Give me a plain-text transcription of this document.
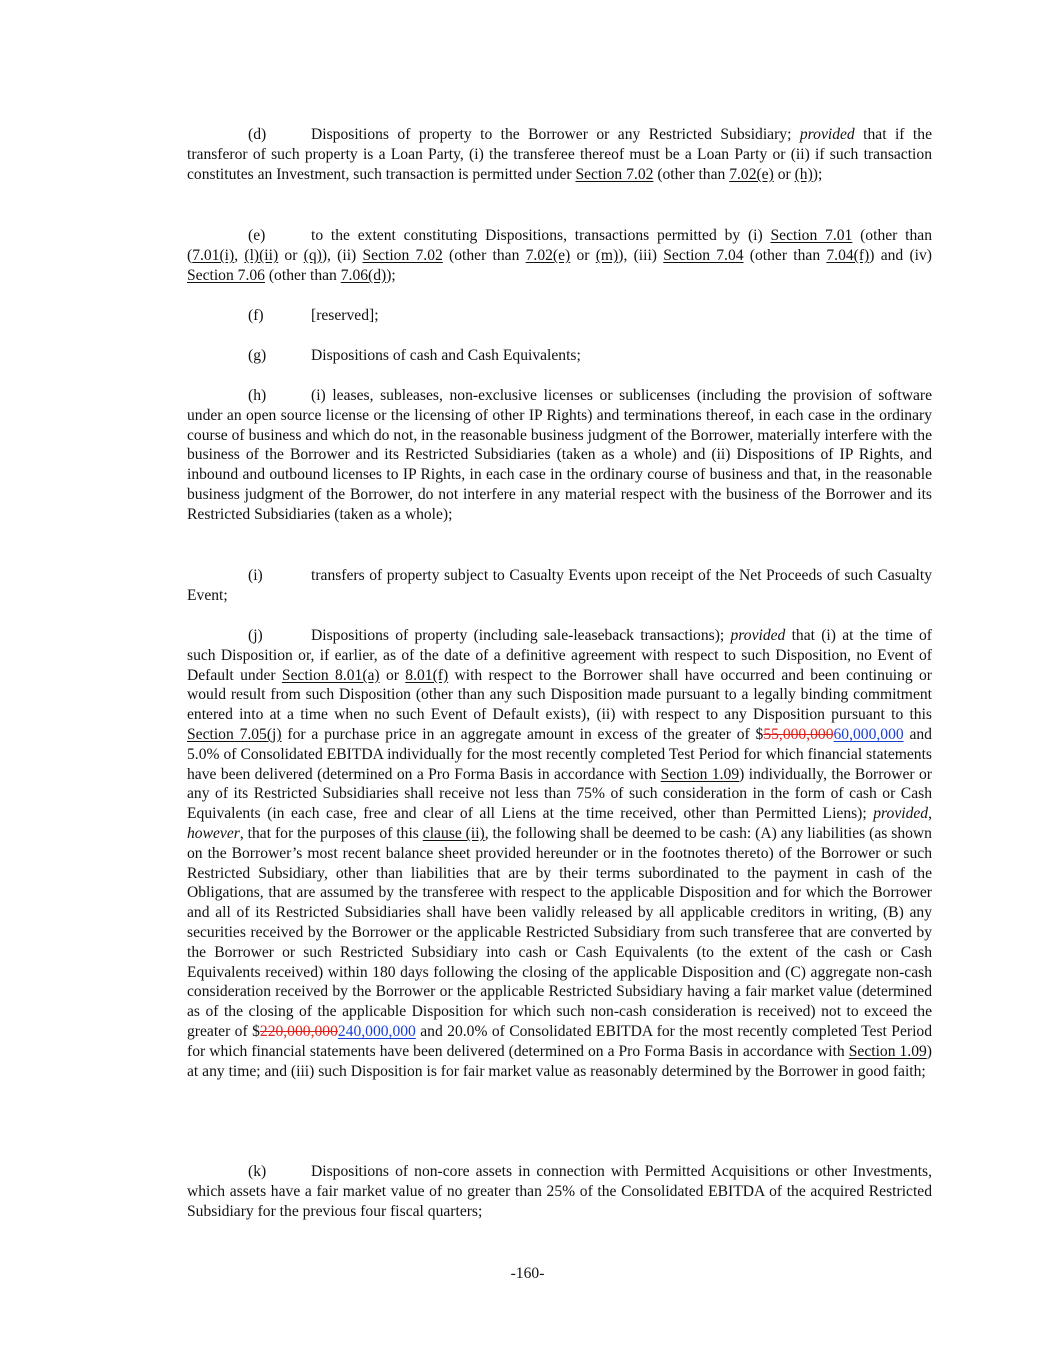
(d)	Dispositions of property to the Borrower or any Restricted Subsidiary; provided that if the transferor of such property is a Loan Party, (i) the transferee thereof must be a Loan Party or (ii) if such transaction constitutes an Investment, such transaction is permitted under Section 7.02 (other than 7.02(e) or (h));

(e)	to the extent constituting Dispositions, transactions permitted by (i) Section 7.01 (other than (7.01(i), (l)(ii) or (q)), (ii) Section 7.02 (other than 7.02(e) or (m)), (iii) Section 7.04 (other than 7.04(f)) and (iv) Section 7.06 (other than 7.06(d));

(f)	[reserved];

(g)	Dispositions of cash and Cash Equivalents;

(h)	(i) leases, subleases, non-exclusive licenses or sublicenses (including the provision of software under an open source license or the licensing of other IP Rights) and terminations thereof, in each case in the ordinary course of business and which do not, in the reasonable business judgment of the Borrower, materially interfere with the business of the Borrower and its Restricted Subsidiaries (taken as a whole) and (ii) Dispositions of IP Rights, and inbound and outbound licenses to IP Rights, in each case in the ordinary course of business and that, in the reasonable business judgment of the Borrower, do not interfere in any material respect with the business of the Borrower and its Restricted Subsidiaries (taken as a whole);

(i)	transfers of property subject to Casualty Events upon receipt of the Net Proceeds of such Casualty Event;

(j)	Dispositions of property (including sale-leaseback transactions); provided that (i) at the time of such Disposition or, if earlier, as of the date of a definitive agreement with respect to such Disposition, no Event of Default under Section 8.01(a) or 8.01(f) with respect to the Borrower shall have occurred and been continuing or would result from such Disposition (other than any such Disposition made pursuant to a legally binding commitment entered into at a time when no such Event of Default exists), (ii) with respect to any Disposition pursuant to this Section 7.05(j) for a purchase price in an aggregate amount in excess of the greater of $55,000,00060,000,000 and 5.0% of Consolidated EBITDA individually for the most recently completed Test Period for which financial statements have been delivered (determined on a Pro Forma Basis in accordance with Section 1.09) individually, the Borrower or any of its Restricted Subsidiaries shall receive not less than 75% of such consideration in the form of cash or Cash Equivalents (in each case, free and clear of all Liens at the time received, other than Permitted Liens); provided, however, that for the purposes of this clause (ii), the following shall be deemed to be cash: (A) any liabilities (as shown on the Borrower’s most recent balance sheet provided hereunder or in the footnotes thereto) of the Borrower or such Restricted Subsidiary, other than liabilities that are by their terms subordinated to the payment in cash of the Obligations, that are assumed by the transferee with respect to the applicable Disposition and for which the Borrower and all of its Restricted Subsidiaries shall have been validly released by all applicable creditors in writing, (B) any securities received by the Borrower or the applicable Restricted Subsidiary from such transferee that are converted by the Borrower or such Restricted Subsidiary into cash or Cash Equivalents (to the extent of the cash or Cash Equivalents received) within 180 days following the closing of the applicable Disposition and (C) aggregate non-cash consideration received by the Borrower or the applicable Restricted Subsidiary having a fair market value (determined as of the closing of the applicable Disposition for which such non-cash consideration is received) not to exceed the greater of $220,000,000240,000,000 and 20.0% of Consolidated EBITDA for the most recently completed Test Period for which financial statements have been delivered (determined on a Pro Forma Basis in accordance with Section 1.09) at any time; and (iii) such Disposition is for fair market value as reasonably determined by the Borrower in good faith;

(k)	Dispositions of non-core assets in connection with Permitted Acquisitions or other Investments, which assets have a fair market value of no greater than 25% of the Consolidated EBITDA of the acquired Restricted Subsidiary for the previous four fiscal quarters;

-160-
